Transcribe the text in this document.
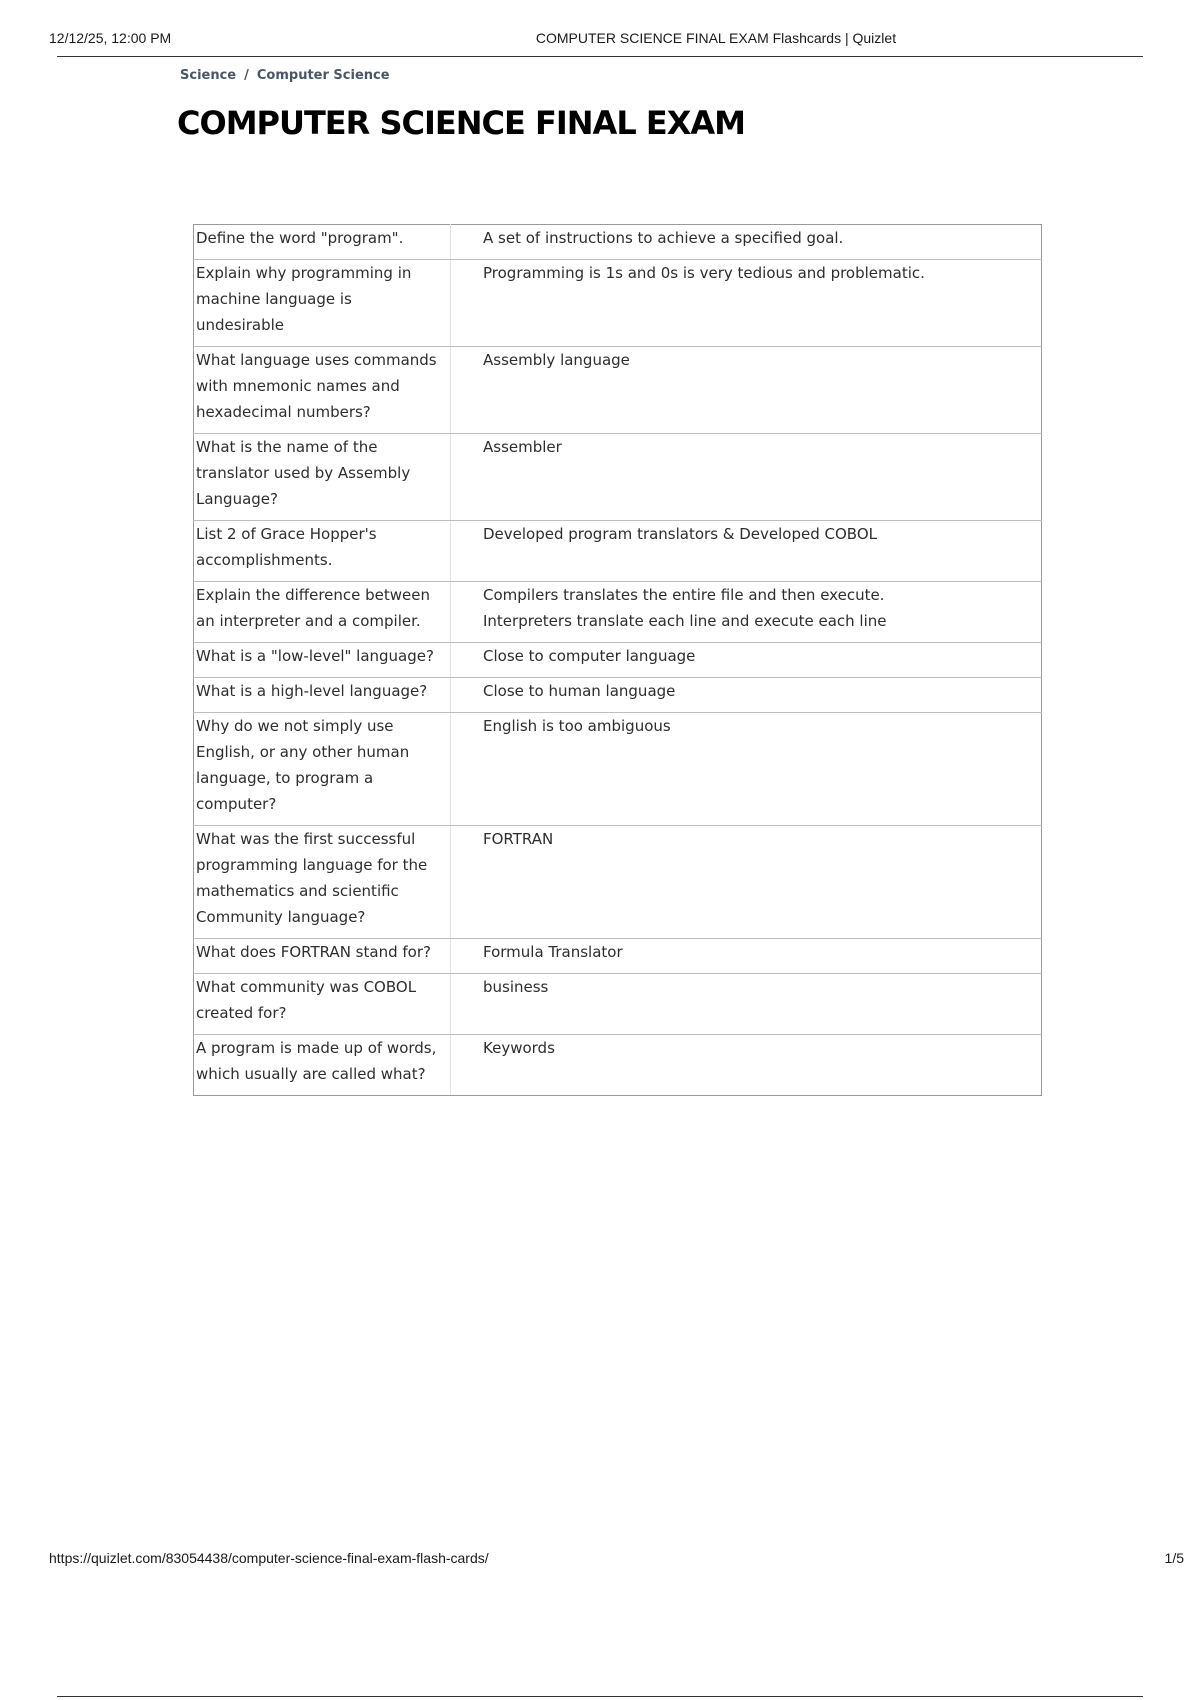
12/12/25, 12:00 PM	COMPUTER SCIENCE FINAL EXAM Flashcards | Quizlet
Science / Computer Science
COMPUTER SCIENCE FINAL EXAM
Define the word "program".	A set of instructions to achieve a specified goal.
Explain why programming in machine language is undesirable	Programming is 1s and 0s is very tedious and problematic.
What language uses commands with mnemonic names and hexadecimal numbers?	Assembly language
What is the name of the translator used by Assembly Language?	Assembler
List 2 of Grace Hopper's accomplishments.	Developed program translators & Developed COBOL
Explain the difference between an interpreter and a compiler.	Compilers translates the entire file and then execute.
Interpreters translate each line and execute each line
What is a "low-level" language?	Close to computer language
What is a high-level language?	Close to human language
Why do we not simply use English, or any other human language, to program a computer?	English is too ambiguous
What was the first successful programming language for the mathematics and scientific Community language?	FORTRAN
What does FORTRAN stand for?	Formula Translator
What community was COBOL created for?	business
A program is made up of words, which usually are called what?	Keywords
https://quizlet.com/83054438/computer-science-final-exam-flash-cards/	1/5
